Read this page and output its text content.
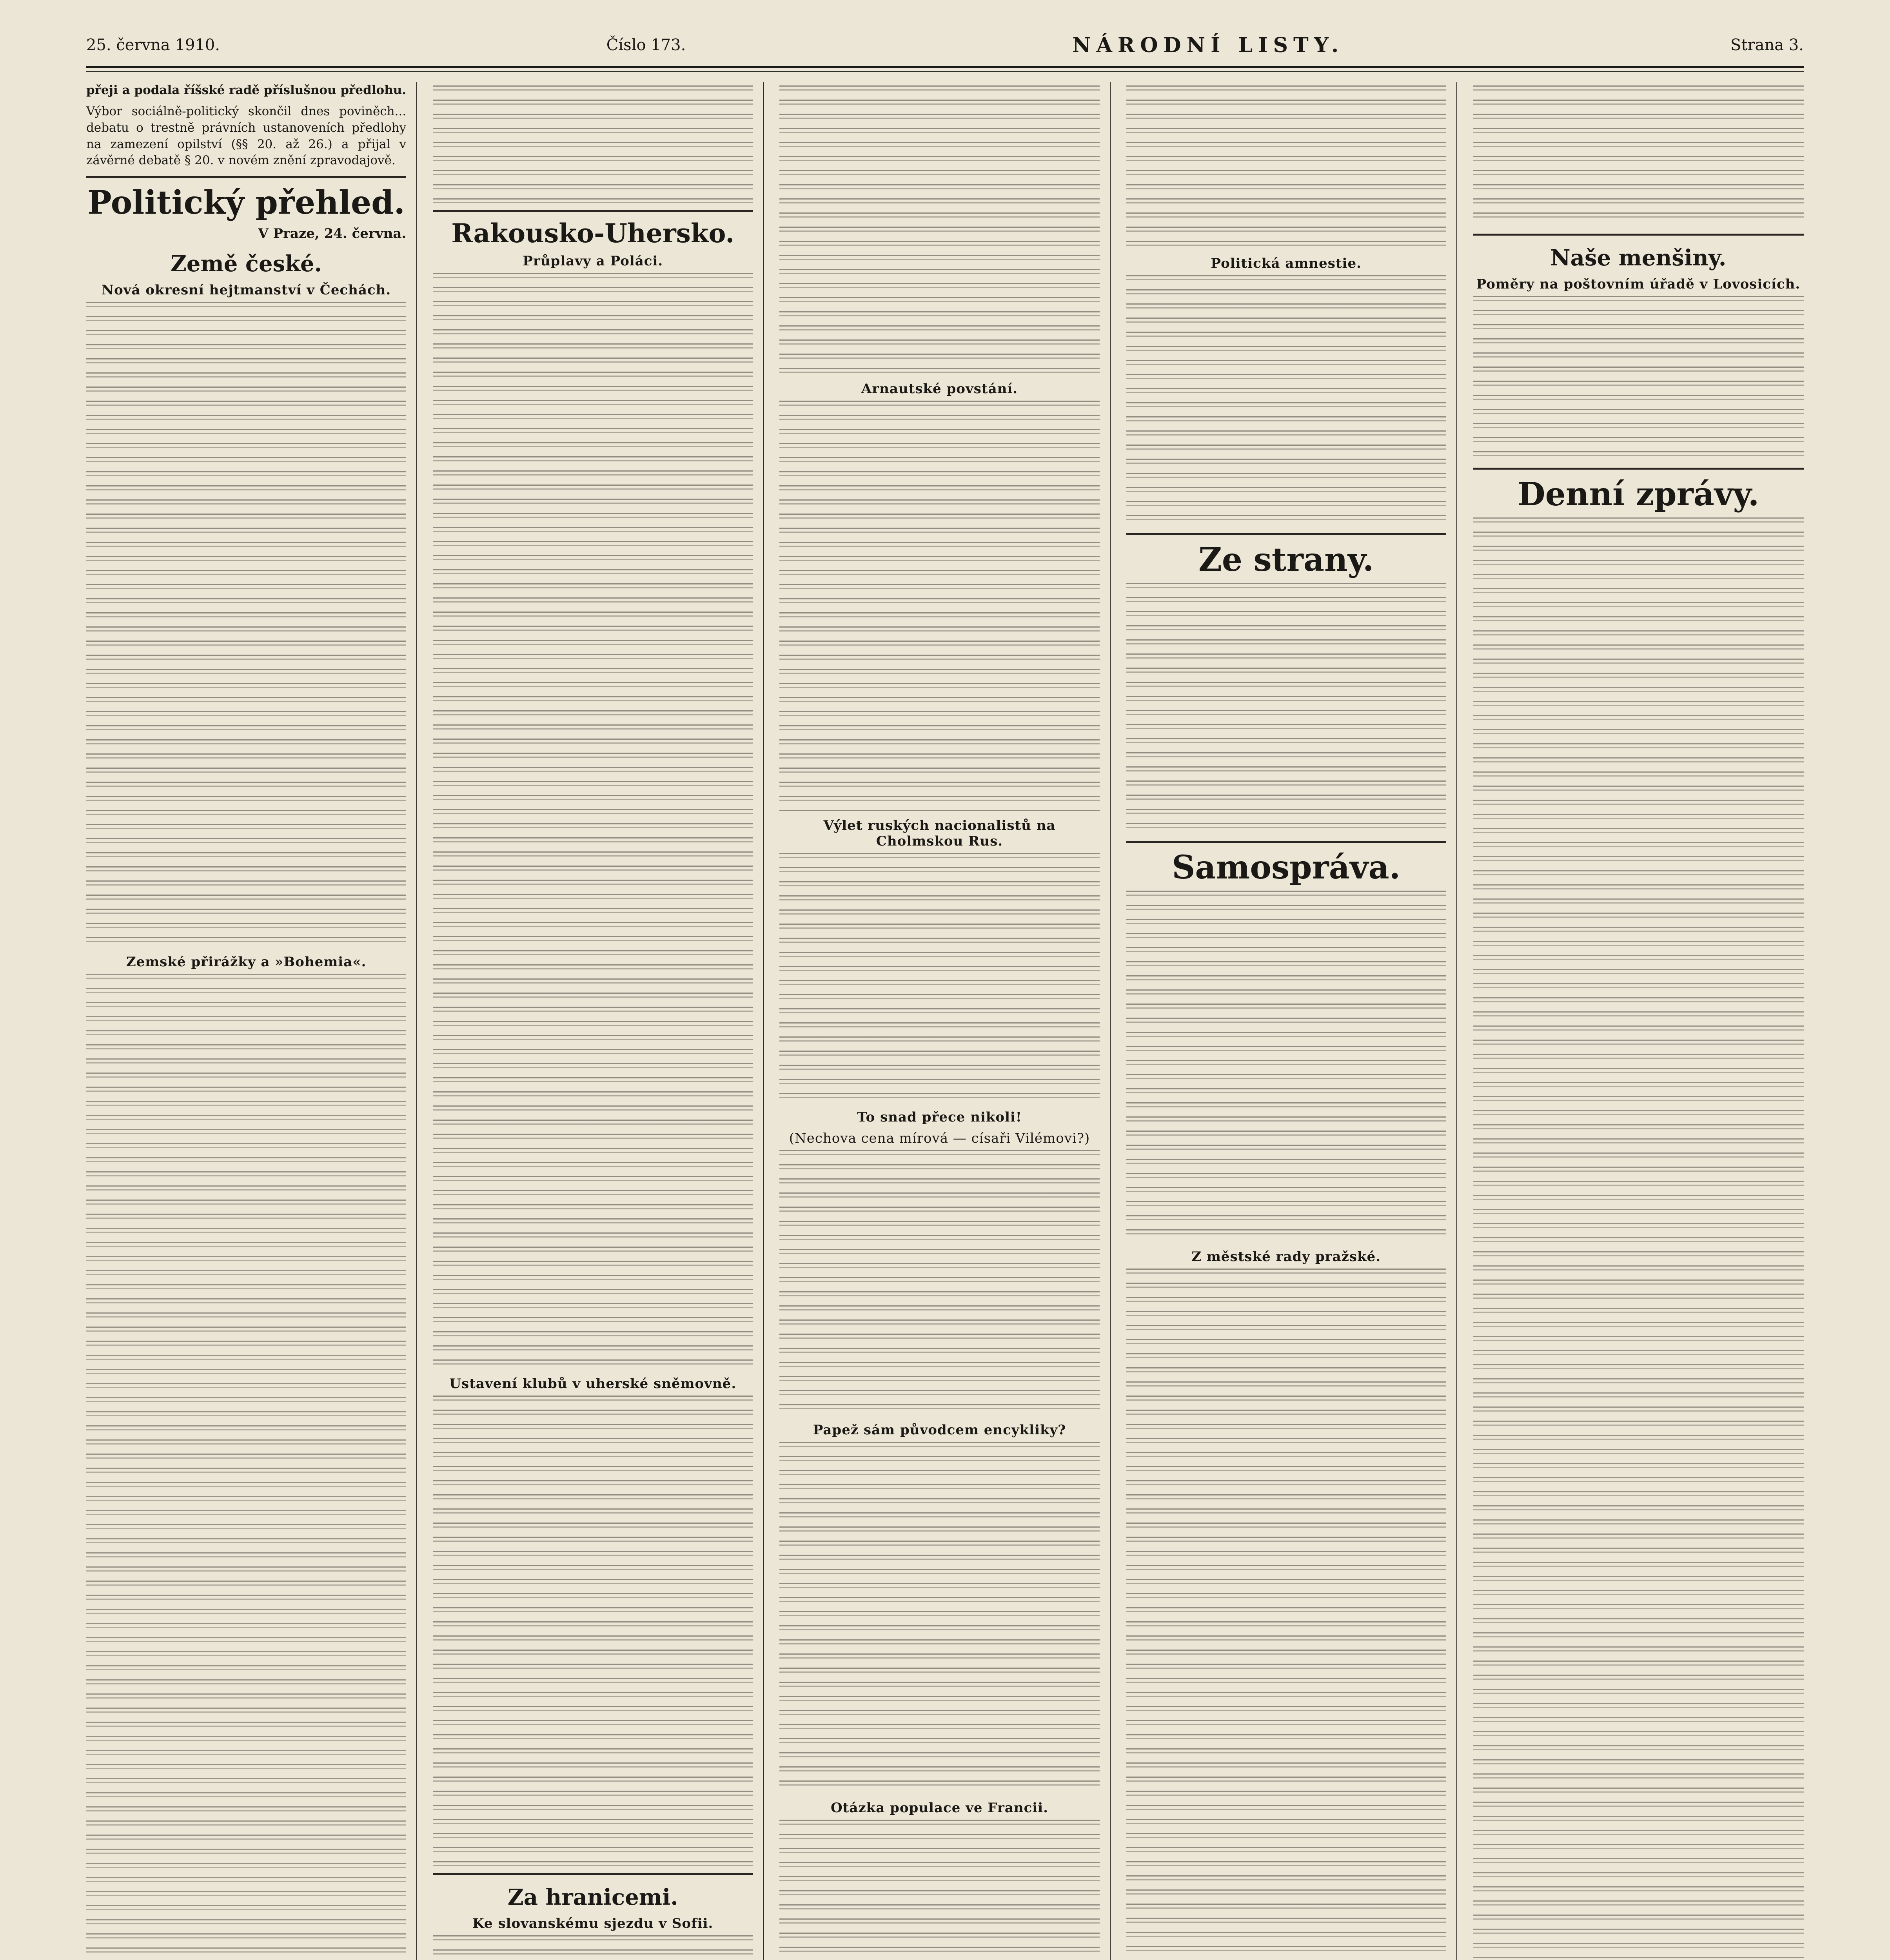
25. června 1910.	Číslo 173.	NÁRODNÍ LISTY.	Strana 3.

přeji a podala říšské radě příslušnou předlohu.

Výbor sociálně-politický skončil dnes poviněch... debatu o trestně právních ustanoveních předlohy na zamezení opilství (§§ 20. až 26.) a přijal v závěrné debatě § 20. v novém znění zpravodajově.

Politický přehled.
V Praze, 24. června.
Země české.
Nová okresní hejtmanství v Čechách.
Zemské přirážky a »Bohemia«.
Rakousko-Uhersko.
Průplavy a Poláci.
Ustavení klubů v uherské sněmovně.
Za hranicemi.
Ke slovanskému sjezdu v Sofii.
Arnautské povstání.
Výlet ruských nacionalistů na Cholmskou Rus.
To snad přece nikoli!
(Nechova cena mírová — císaři Vilémovi?)
Papež sám původcem encykliky?
Otázka populace ve Francii.
Politická amnestie.
Ze strany.
Samospráva.
Z městské rady pražské.
Naše menšiny.
Poměry na poštovním úřadě v Lovosicích.
Denní zprávy.
